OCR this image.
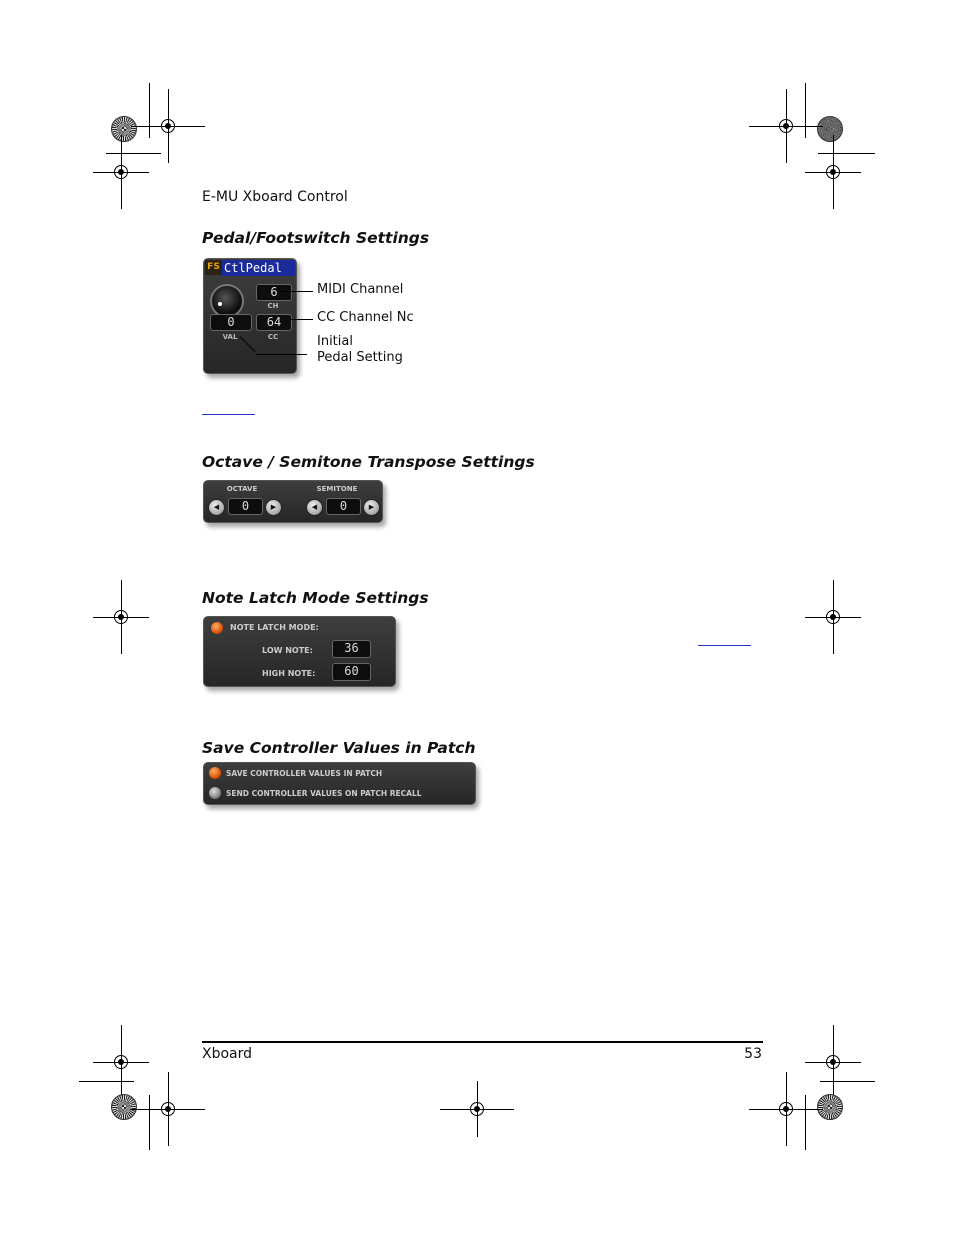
E-MU Xboard Control
Pedal/Footswitch Settings
FS CtlPedal
6
CH
0
VAL
64
CC
MIDI Channel
CC Channel Nc
Initial
Pedal Setting
Octave / Semitone Transpose Settings
OCTAVE
◀	0	▶
SEMITONE
◀	0	▶
Note Latch Mode Settings
NOTE LATCH MODE:
LOW NOTE:	36
HIGH NOTE:	60
Save Controller Values in Patch
SAVE CONTROLLER VALUES IN PATCH
SEND CONTROLLER VALUES ON PATCH RECALL
Xboard	53
